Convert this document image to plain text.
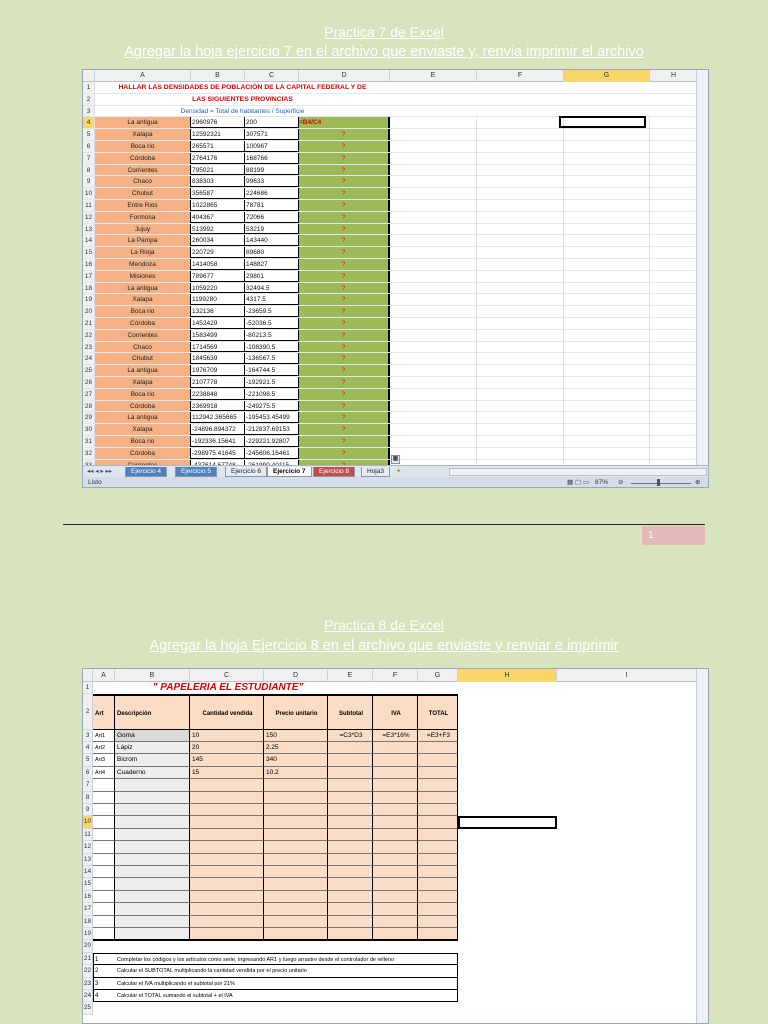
Practica 7 de Excel
Agregar la hoja ejercicio 7 en el archivo que enviaste y, renvia imprimir el archivo
A	B	C	D	E	F	G	H
1	HALLAR LAS DENSIDADES DE POBLACIÓN DE LA CAPITAL FEDERAL Y DE
2	LAS SIGUIENTES PROVINCIAS
3	Densidad = Total de habitantes / Superficie
4	La antigua	2960976	200	=B4/C4
5	Xalapa	12592321	307571	?
6	Boca rio	265571	100967	?
7	Córdoba	2764176	168766	?
8	Corrientes	795021	88199	?
9	Chaco	838303	99633	?
10	Chubut	356587	224686	?
11	Entre Rios	1022865	78781	?
12	Formosa	404367	72066	?
13	Jujuy	513992	53219	?
14	La Pampa	260034	143440	?
15	La Rioja	220729	89680	?
16	Mendoza	1414058	148827	?
17	Misiones	789677	29801	?
18	La antigua	1059220	32494.5	?
19	Xalapa	1199280	4317.5	?
20	Boca rio	132136	-23659.5	?
21	Córdoba	1452429	-52036.5	?
22	Corrientes	1583499	-80213.5	?
23	Chaco	1714569	-108390.5	?
24	Chubut	1845639	-136567.5	?
25	La antigua	1976709	-164744.5	?
26	Xalapa	2107778	-192921.5	?
27	Boca rio	2238848	-221098.5	?
28	Córdoba	2369918	-249275.5	?
29	La antigua	112942.365665	-195453.45499	?
30	Xalapa	-24896.894372	-212837.69153	?
31	Boca rio	-192336.15641	-229221.92807	?
32	Córdoba	-298975.41645	-245606.16461	?
▦
◂◂ ◂ ▸ ▸▸	Ejercicio 4	Ejercicio 5	Ejercicio 6	Ejercicio 7	Ejercicio 8	Hoja3	✦
Listo	▦ ▢ ▭ 87% ⊖	⊕
1
Practica 8 de Excel
Agregar la hoja Ejercicio 8 en el archivo que enviaste y renviar e imprimir
A	B	C	D	E	F	G	H	I
1
2
3
4
5
6
7
8
9
10
11
12
13
14
15
16
17
18
19
20
21
22
23
24
25
" PAPELERIA EL ESTUDIANTE"
Art	Descripción	Cantidad vendida	Precio unitario	Subtotal	IVA	TOTAL
Art1	Goma	10	150	=C3*D3	=E3*16%	=E3+F3
Art2	Lápiz	20	2.25
Art3	Bicrom	145	340
Art4	Cuaderno	15	10.2
1	Completar los códigos y los artículos como serie, ingresando AR1 y luego arrastre desde el controlador de relleno
2	Calcular el SUBTOTAL multiplicando la cantidad vendida por el precio unitario
3	Calcular el IVA multiplicando el subtotal por 21%
4	Calcular el TOTAL sumando el subtotal + el IVA
